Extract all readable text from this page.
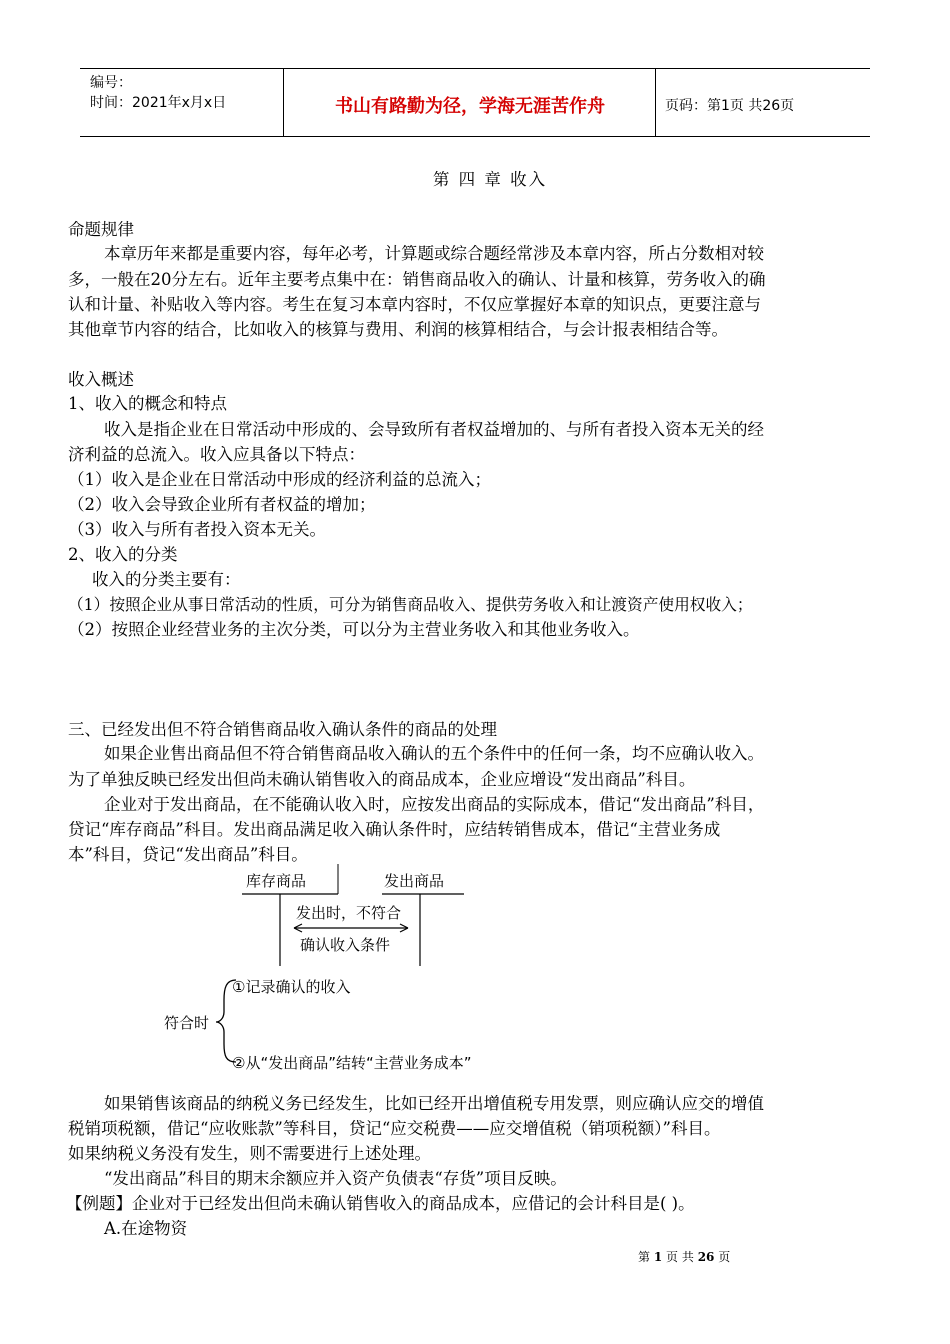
编号：
时间：2021年x月x日	书山有路勤为径，学海无涯苦作舟	页码：第1页 共26页
第 四 章 收入
命题规律
本章历年来都是重要内容，每年必考，计算题或综合题经常涉及本章内容，所占分数相对较
多，一般在20分左右。近年主要考点集中在：销售商品收入的确认、计量和核算，劳务收入的确
认和计量、补贴收入等内容。考生在复习本章内容时，不仅应掌握好本章的知识点，更要注意与
其他章节内容的结合，比如收入的核算与费用、利润的核算相结合，与会计报表相结合等。
收入概述
1、收入的概念和特点
收入是指企业在日常活动中形成的、会导致所有者权益增加的、与所有者投入资本无关的经
济利益的总流入。收入应具备以下特点：
（1）收入是企业在日常活动中形成的经济利益的总流入；
（2）收入会导致企业所有者权益的增加；
（3）收入与所有者投入资本无关。
2、收入的分类
收入的分类主要有：
（1）按照企业从事日常活动的性质，可分为销售商品收入、提供劳务收入和让渡资产使用权收入；
（2）按照企业经营业务的主次分类，可以分为主营业务收入和其他业务收入。
三、已经发出但不符合销售商品收入确认条件的商品的处理
如果企业售出商品但不符合销售商品收入确认的五个条件中的任何一条，均不应确认收入。
为了单独反映已经发出但尚未确认销售收入的商品成本，企业应增设“发出商品”科目。
企业对于发出商品，在不能确认收入时，应按发出商品的实际成本，借记“发出商品”科目，
贷记“库存商品”科目。发出商品满足收入确认条件时，应结转销售成本，借记“主营业务成
本”科目，贷记“发出商品”科目。
库存商品	发出商品
发出时，不符合
确认收入条件
符合时
①记录确认的收入
②从“发出商品”结转“主营业务成本”
如果销售该商品的纳税义务已经发生，比如已经开出增值税专用发票，则应确认应交的增值
税销项税额，借记“应收账款”等科目，贷记“应交税费——应交增值税（销项税额）”科目。
如果纳税义务没有发生，则不需要进行上述处理。
“发出商品”科目的期末余额应并入资产负债表“存货”项目反映。
【例题】企业对于已经发出但尚未确认销售收入的商品成本，应借记的会计科目是( )。
A.在途物资
第 1 页 共 26 页
